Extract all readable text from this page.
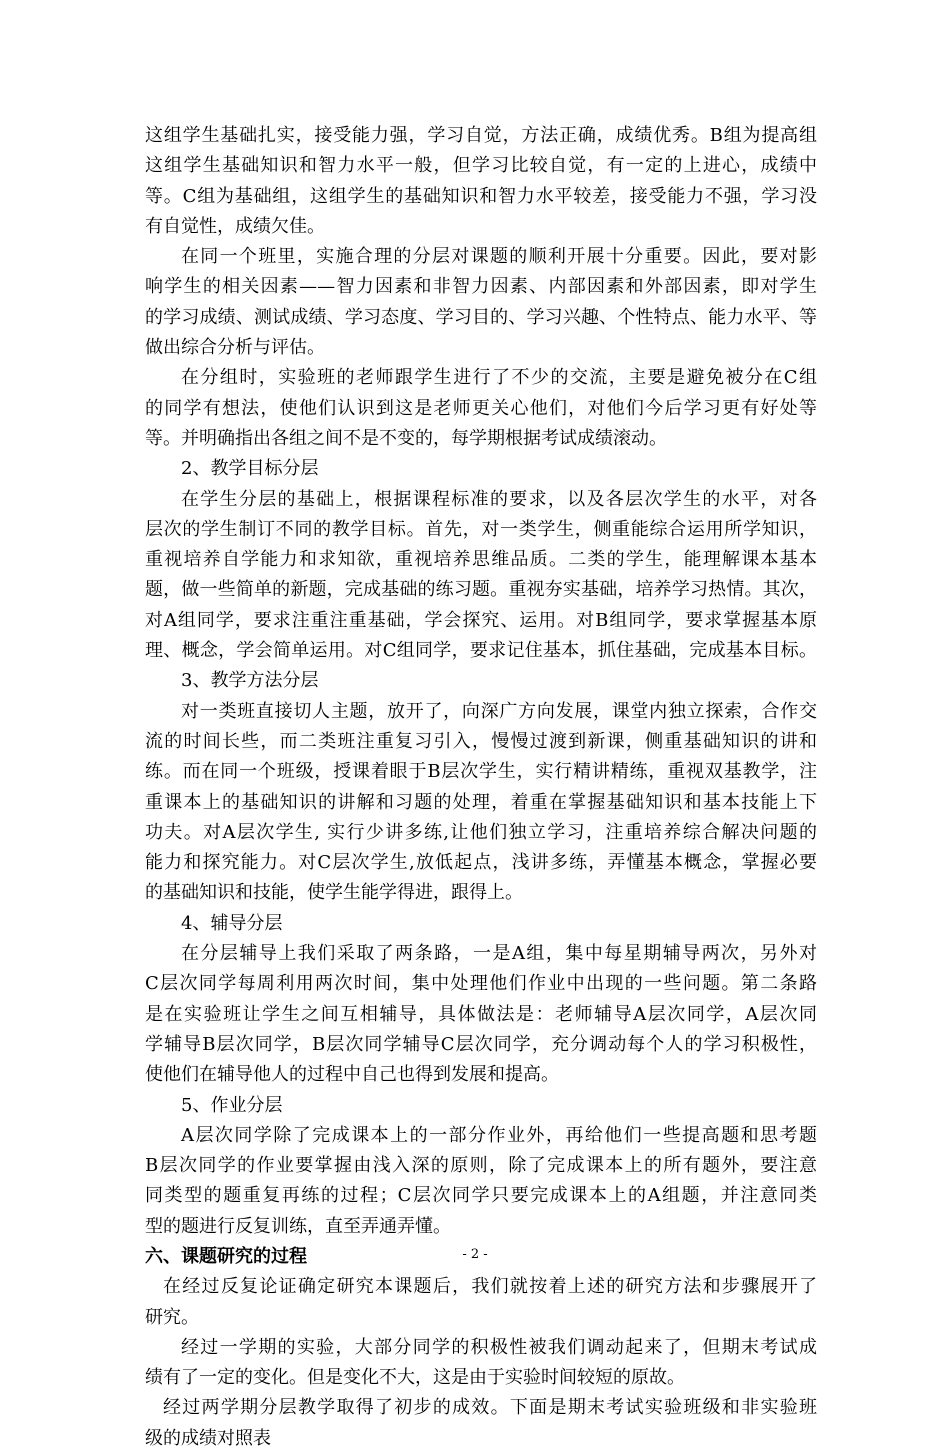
这组学生基础扎实，接受能力强，学习自觉，方法正确，成绩优秀。B组为提高组
这组学生基础知识和智力水平一般，但学习比较自觉，有一定的上进心，成绩中
等。C组为基础组，这组学生的基础知识和智力水平较差，接受能力不强，学习没
有自觉性，成绩欠佳。
在同一个班里，实施合理的分层对课题的顺利开展十分重要。因此，要对影
响学生的相关因素——智力因素和非智力因素、内部因素和外部因素，即对学生
的学习成绩、测试成绩、学习态度、学习目的、学习兴趣、个性特点、能力水平、等
做出综合分析与评估。
在分组时，实验班的老师跟学生进行了不少的交流，主要是避免被分在C组
的同学有想法，使他们认识到这是老师更关心他们，对他们今后学习更有好处等
等。并明确指出各组之间不是不变的，每学期根据考试成绩滚动。
2、教学目标分层
在学生分层的基础上，根据课程标准的要求，以及各层次学生的水平，对各
层次的学生制订不同的教学目标。首先，对一类学生，侧重能综合运用所学知识，
重视培养自学能力和求知欲，重视培养思维品质。二类的学生，能理解课本基本
题，做一些简单的新题，完成基础的练习题。重视夯实基础，培养学习热情。其次，
对A组同学，要求注重注重基础，学会探究、运用。对B组同学，要求掌握基本原
理、概念，学会简单运用。对C组同学，要求记住基本，抓住基础，完成基本目标。
3、教学方法分层
对一类班直接切人主题，放开了，向深广方向发展，课堂内独立探索，合作交
流的时间长些，而二类班注重复习引入，慢慢过渡到新课，侧重基础知识的讲和
练。而在同一个班级，授课着眼于B层次学生，实行精讲精练，重视双基教学，注
重课本上的基础知识的讲解和习题的处理，着重在掌握基础知识和基本技能上下
功夫。对A层次学生, 实行少讲多练,让他们独立学习，注重培养综合解决问题的
能力和探究能力。对C层次学生,放低起点，浅讲多练，弄懂基本概念，掌握必要
的基础知识和技能，使学生能学得进，跟得上。
4、辅导分层
在分层辅导上我们采取了两条路，一是A组，集中每星期辅导两次，另外对
C层次同学每周利用两次时间，集中处理他们作业中出现的一些问题。第二条路
是在实验班让学生之间互相辅导，具体做法是：老师辅导A层次同学，A层次同
学辅导B层次同学，B层次同学辅导C层次同学，充分调动每个人的学习积极性，
使他们在辅导他人的过程中自己也得到发展和提高。
5、作业分层
A层次同学除了完成课本上的一部分作业外，再给他们一些提高题和思考题
B层次同学的作业要掌握由浅入深的原则，除了完成课本上的所有题外，要注意
同类型的题重复再练的过程；C层次同学只要完成课本上的A组题，并注意同类
型的题进行反复训练，直至弄通弄懂。
六、课题研究的过程
在经过反复论证确定研究本课题后，我们就按着上述的研究方法和步骤展开了
研究。
经过一学期的实验，大部分同学的积极性被我们调动起来了，但期末考试成
绩有了一定的变化。但是变化不大，这是由于实验时间较短的原故。
经过两学期分层教学取得了初步的成效。下面是期末考试实验班级和非实验班
级的成绩对照表
- 2 -
